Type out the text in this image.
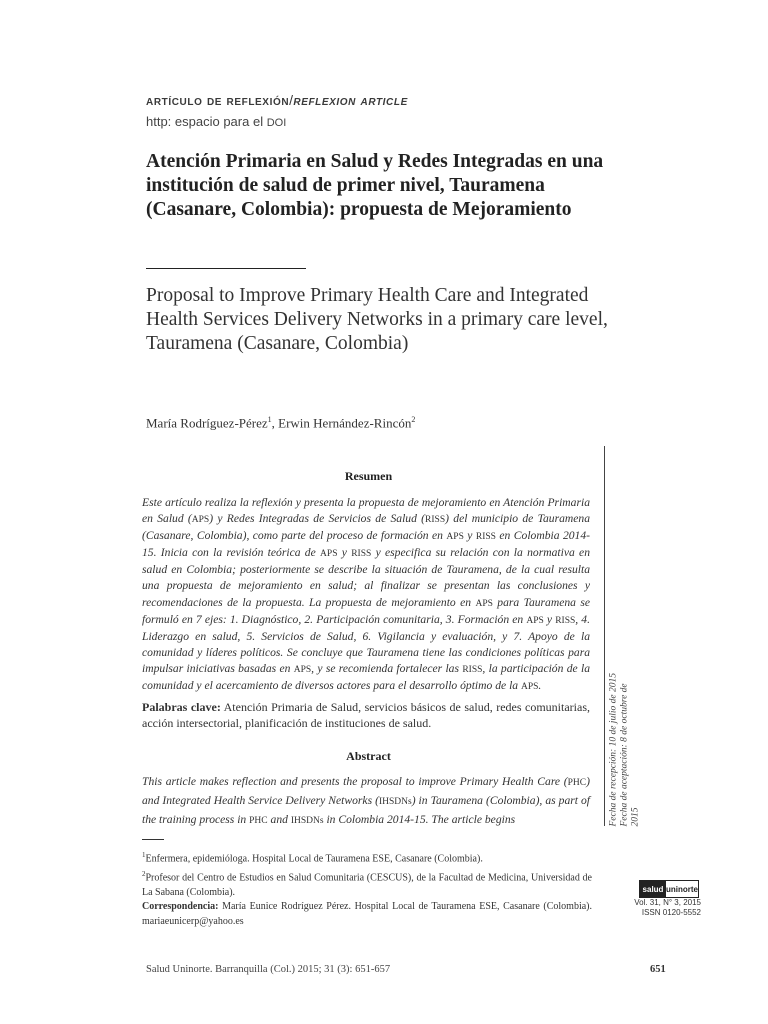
artículo de reflexión/reflexion article
http: espacio para el DOI
Atención Primaria en Salud y Redes Integradas en una institución de salud de primer nivel, Tauramena (Casanare, Colombia): propuesta de Mejoramiento
Proposal to Improve Primary Health Care and Integrated Health Services Delivery Networks in a primary care level, Tauramena (Casanare, Colombia)
María Rodríguez-Pérez$^1$, Erwin Hernández-Rincón$^2$
Resumen
Este artículo realiza la reflexión y presenta la propuesta de mejoramiento en Atención Primaria en Salud (APS) y Redes Integradas de Servicios de Salud (RISS) del municipio de Tauramena (Casanare, Colombia), como parte del proceso de formación en APS y RISS en Colombia 2014-15. Inicia con la revisión teórica de APS y RISS y especifica su relación con la normativa en salud en Colombia; posteriormente se describe la situación de Tauramena, de la cual resulta una propuesta de mejoramiento en salud; al finalizar se presentan las conclusiones y recomendaciones de la propuesta. La propuesta de mejoramiento en APS para Tauramena se formuló en 7 ejes: 1. Diagnóstico, 2. Participación comunitaria, 3. Formación en APS y RISS, 4. Liderazgo en salud, 5. Servicios de Salud, 6. Vigilancia y evaluación, y 7. Apoyo de la comunidad y líderes políticos. Se concluye que Tauramena tiene las condiciones políticas para impulsar iniciativas basadas en APS, y se recomienda fortalecer las RISS, la participación de la comunidad y el acercamiento de diversos actores para el desarrollo óptimo de la APS.
Palabras clave: Atención Primaria de Salud, servicios básicos de salud, redes comunitarias, acción intersectorial, planificación de instituciones de salud.
Abstract
This article makes reflection and presents the proposal to improve Primary Health Care (PHC) and Integrated Health Service Delivery Networks (IHSDNs) in Tauramena (Colombia), as part of the training process in PHC and IHSDNs in Colombia 2014-15. The article begins	Fecha de recepción: 10 de julio de 2015 Fecha de aceptación: 8 de octubre de 2015
$^1$Enfermera, epidemióloga. Hospital Local de Tauramena ESE, Casanare (Colombia).
$^2$Profesor del Centro de Estudios en Salud Comunitaria (CESCUS), de la Facultad de Medicina, Universidad de La Sabana (Colombia).
Correspondencia: María Eunice Rodríguez Pérez. Hospital Local de Tauramena ESE, Casanare (Colombia). mariaeunicerp@yahoo.es
salud uninorte
Vol. 31, N° 3, 2015
ISSN 0120-5552
Salud Uninorte. Barranquilla (Col.) 2015; 31 (3): 651-657	651
